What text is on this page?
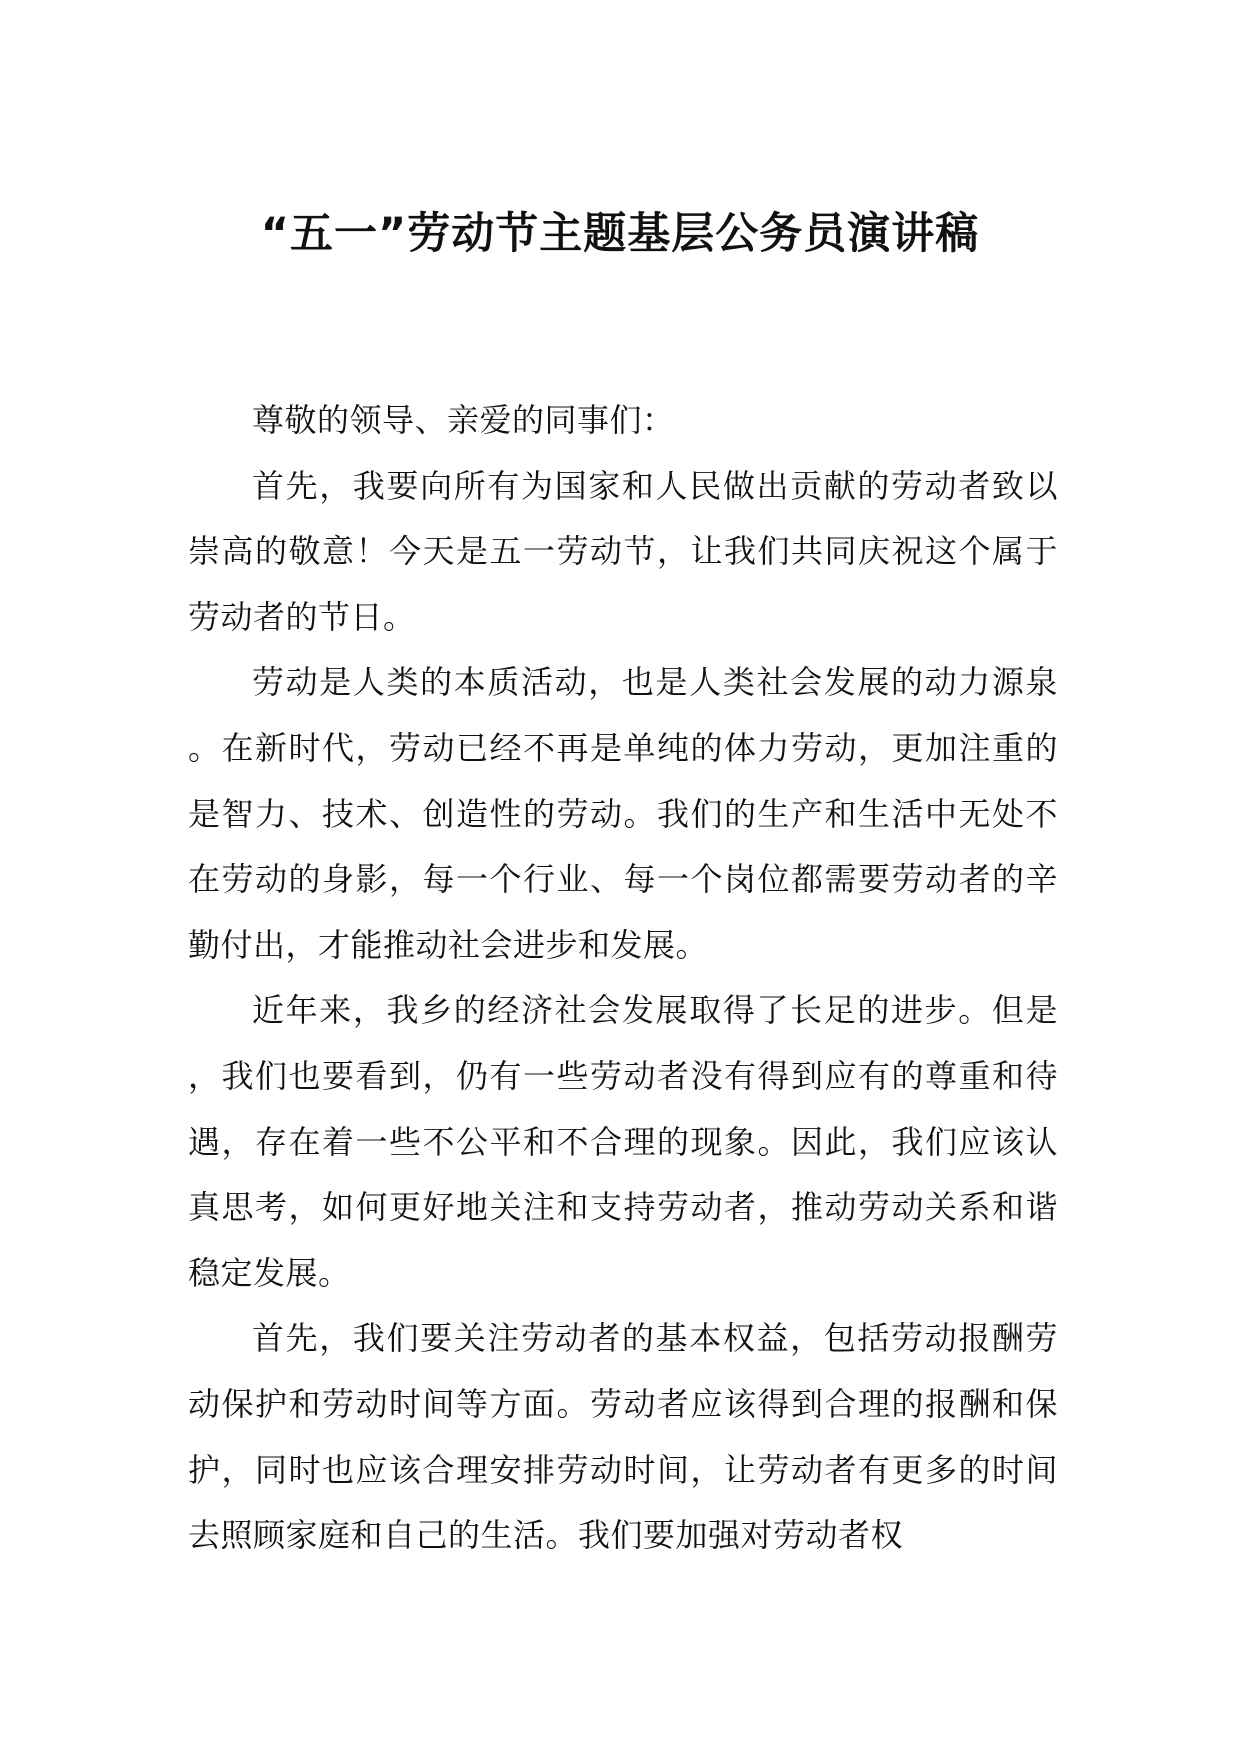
“五一”劳动节主题基层公务员演讲稿

尊敬的领导、亲爱的同事们：

首先，我要向所有为国家和人民做出贡献的劳动者致以崇高的敬意！今天是五一劳动节，让我们共同庆祝这个属于劳动者的节日。

劳动是人类的本质活动，也是人类社会发展的动力源泉。在新时代，劳动已经不再是单纯的体力劳动，更加注重的是智力、技术、创造性的劳动。我们的生产和生活中无处不在劳动的身影，每一个行业、每一个岗位都需要劳动者的辛勤付出，才能推动社会进步和发展。

近年来，我乡的经济社会发展取得了长足的进步。但是，我们也要看到，仍有一些劳动者没有得到应有的尊重和待遇，存在着一些不公平和不合理的现象。因此，我们应该认真思考，如何更好地关注和支持劳动者，推动劳动关系和谐稳定发展。

首先，我们要关注劳动者的基本权益，包括劳动报酬劳动保护和劳动时间等方面。劳动者应该得到合理的报酬和保护，同时也应该合理安排劳动时间，让劳动者有更多的时间去照顾家庭和自己的生活。我们要加强对劳动者权
